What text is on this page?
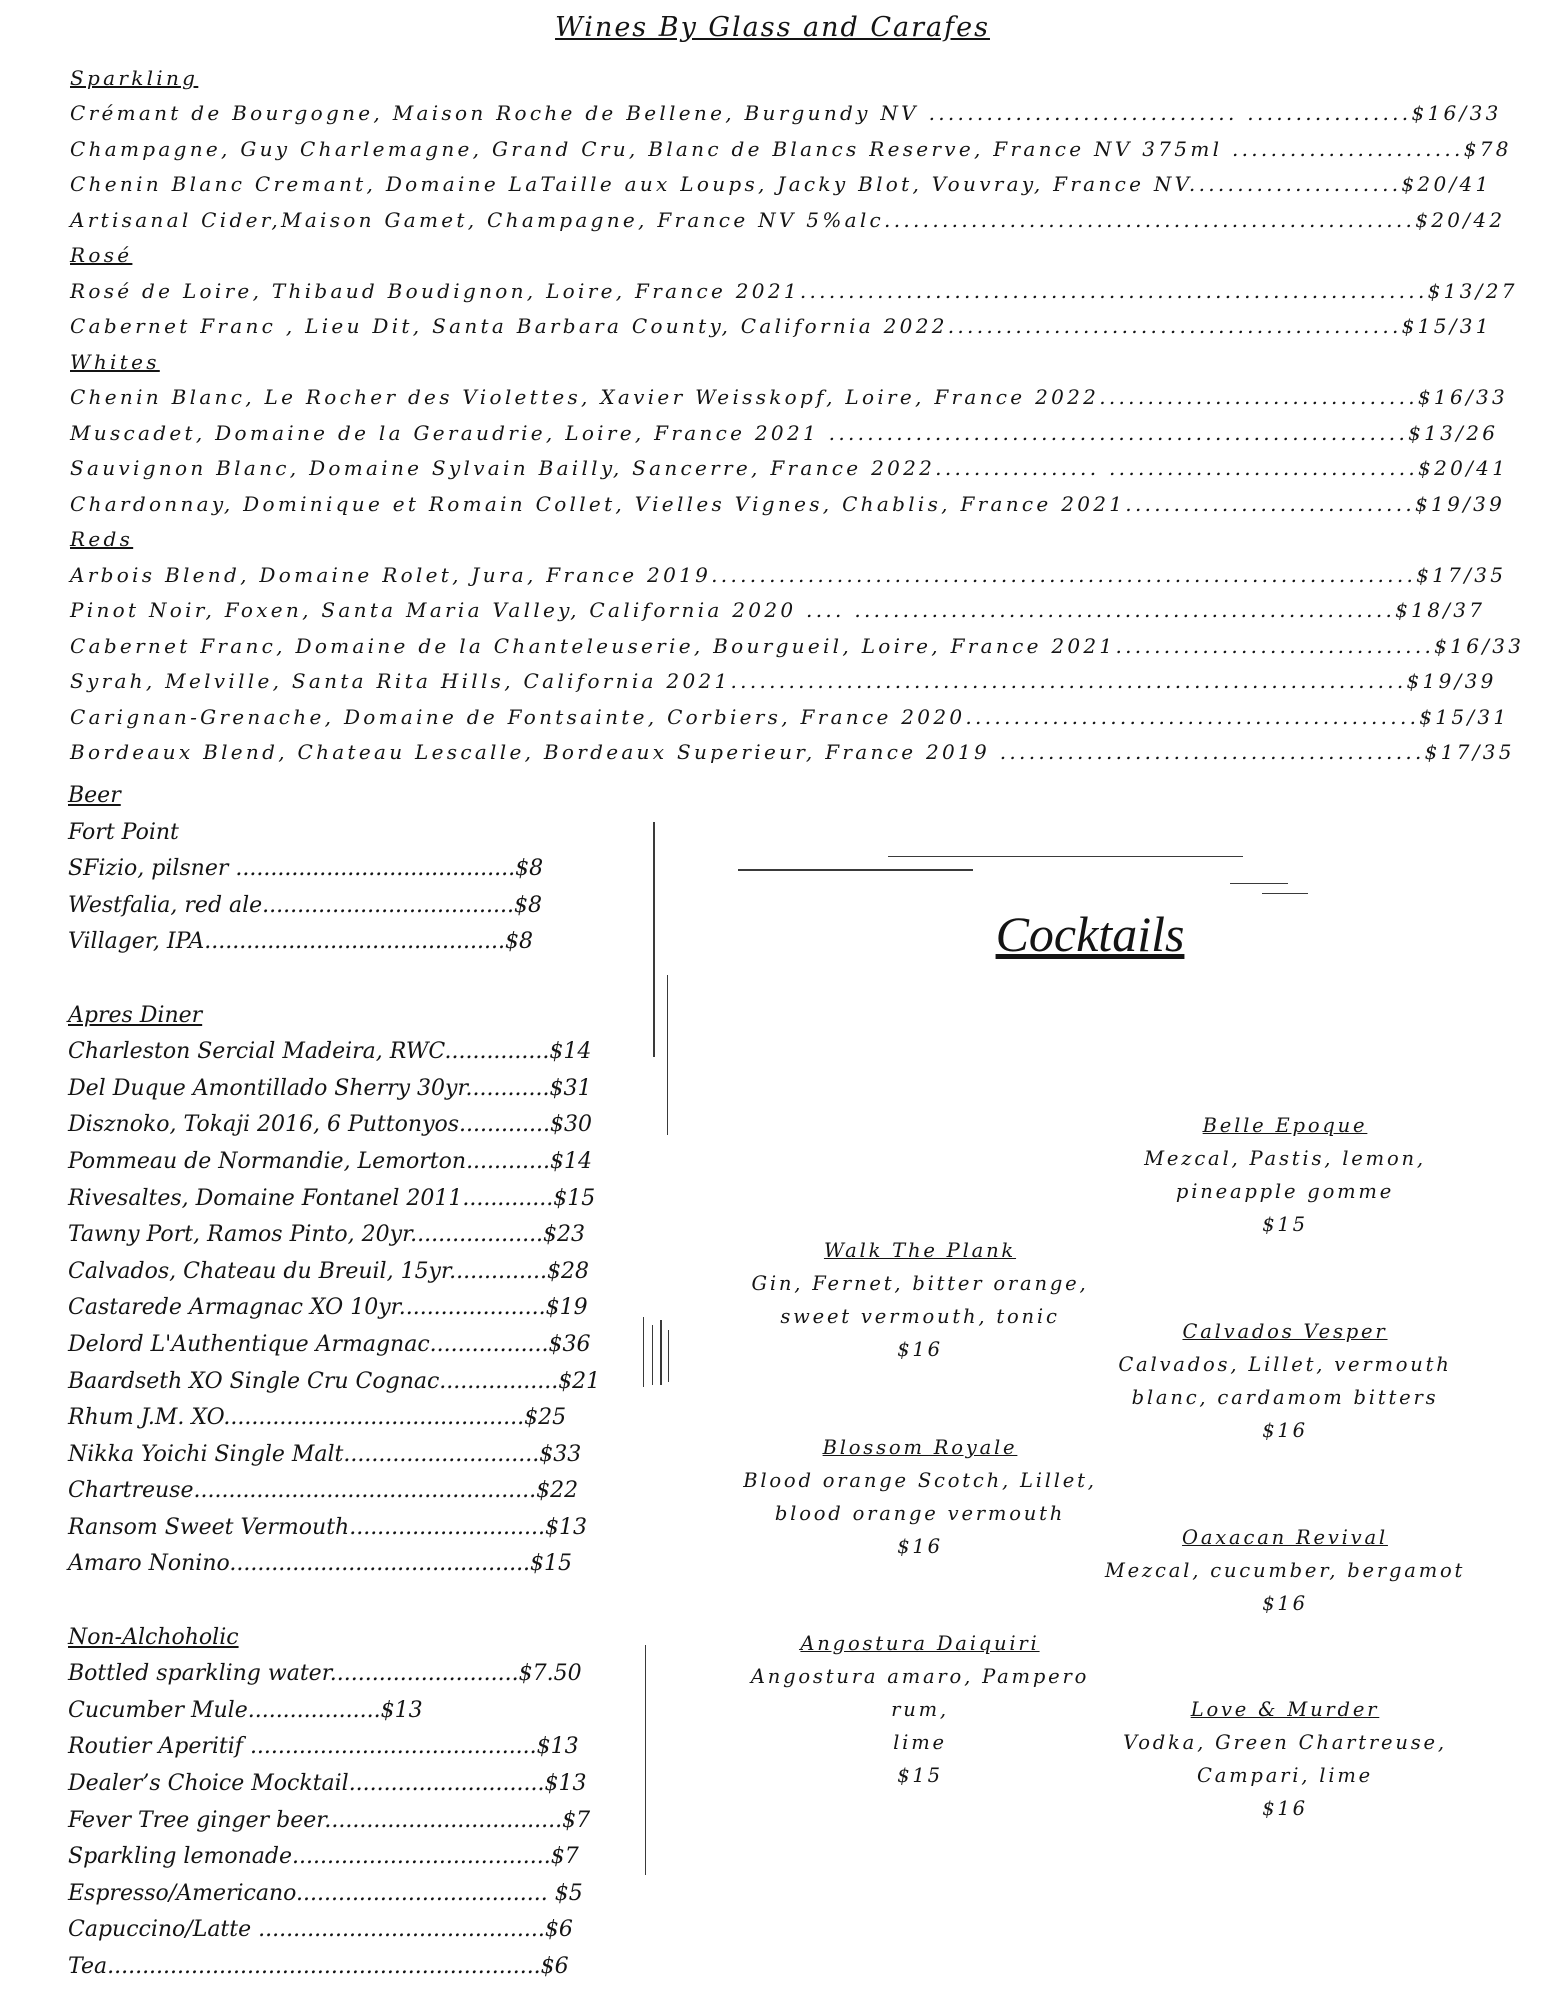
Wines By Glass and Carafes
Sparkling
Crémant de Bourgogne, Maison Roche de Bellene, Burgundy NV ................................ .................$16/33
Champagne, Guy Charlemagne, Grand Cru, Blanc de Blancs Reserve, France NV 375ml ........................$78
Chenin Blanc Cremant, Domaine LaTaille aux Loups, Jacky Blot, Vouvray, France NV......................$20/41
Artisanal Cider,Maison Gamet, Champagne, France NV 5%alc.......................................................$20/42
Rosé
Rosé de Loire, Thibaud Boudignon, Loire, France 2021.................................................................$13/27
Cabernet Franc , Lieu Dit, Santa Barbara County, California 2022...............................................$15/31
Whites
Chenin Blanc, Le Rocher des Violettes, Xavier Weisskopf, Loire, France 2022.................................$16/33
Muscadet, Domaine de la Geraudrie, Loire, France 2021 ............................................................$13/26
Sauvignon Blanc, Domaine Sylvain Bailly, Sancerre, France 2022................. ................................$20/41
Chardonnay, Dominique et Romain Collet, Vielles Vignes, Chablis, France 2021..............................$19/39
Reds
Arbois Blend, Domaine Rolet, Jura, France 2019.........................................................................$17/35
Pinot Noir, Foxen, Santa Maria Valley, California 2020 .... ........................................................$18/37
Cabernet Franc, Domaine de la Chanteleuserie, Bourgueil, Loire, France 2021.................................$16/33
Syrah, Melville, Santa Rita Hills, California 2021......................................................................$19/39
Carignan-Grenache, Domaine de Fontsainte, Corbiers, France 2020...............................................$15/31
Bordeaux Blend, Chateau Lescalle, Bordeaux Superieur, France 2019 ............................................$17/35
Beer
Fort Point
SFizio, pilsner ........................................$8
Westfalia, red ale....................................$8
Villager, IPA...........................................$8
Apres Diner
Charleston Sercial Madeira, RWC...............$14
Del Duque Amontillado Sherry 30yr............$31
Disznoko, Tokaji 2016, 6 Puttonyos.............$30
Pommeau de Normandie, Lemorton............$14
Rivesaltes, Domaine Fontanel 2011.............$15
Tawny Port, Ramos Pinto, 20yr...................$23
Calvados, Chateau du Breuil, 15yr..............$28
Castarede Armagnac XO 10yr.....................$19
Delord L'Authentique Armagnac.................$36
Baardseth XO Single Cru Cognac.................$21
Rhum J.M. XO...........................................$25
Nikka Yoichi Single Malt............................$33
Chartreuse.................................................$22
Ransom Sweet Vermouth............................$13
Amaro Nonino...........................................$15
Non-Alchoholic
Bottled sparkling water...........................$7.50
Cucumber Mule...................$13
Routier Aperitif .........................................$13
Dealer’s Choice Mocktail............................$13
Fever Tree ginger beer..................................$7
Sparkling lemonade.....................................$7
Espresso/Americano.................................... $5
Capuccino/Latte .........................................$6
Tea..............................................................$6
Cocktails
Walk The Plank
Gin, Fernet, bitter orange,
sweet vermouth, tonic
$16
Blossom Royale
Blood orange Scotch, Lillet,
blood orange vermouth
$16
Angostura Daiquiri
Angostura amaro, Pampero rum,
lime
$15
Belle Epoque
Mezcal, Pastis, lemon,
pineapple gomme
$15
Calvados Vesper
Calvados, Lillet, vermouth
blanc, cardamom bitters
$16
Oaxacan Revival
Mezcal, cucumber, bergamot
$16
Love & Murder
Vodka, Green Chartreuse,
Campari, lime
$16
